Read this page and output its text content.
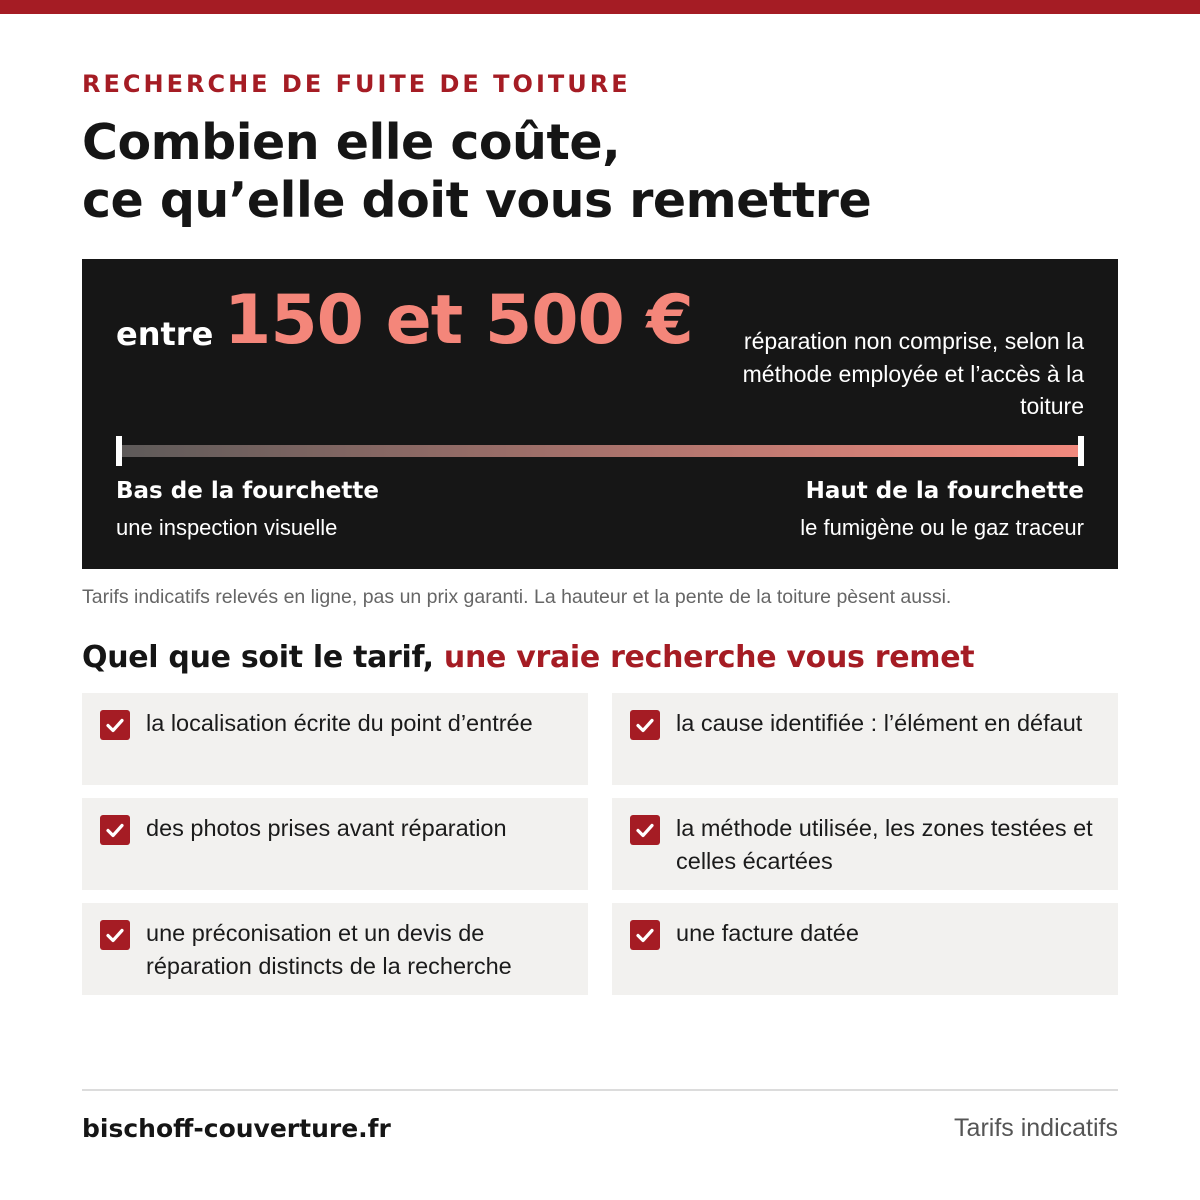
RECHERCHE DE FUITE DE TOITURE
Combien elle coûte,
ce qu’elle doit vous remettre
entre 150 et 500 €	réparation non comprise, selon la méthode employée et l’accès à la toiture
Bas de la fourchette
une inspection visuelle
Haut de la fourchette
le fumigène ou le gaz traceur
Tarifs indicatifs relevés en ligne, pas un prix garanti. La hauteur et la pente de la toiture pèsent aussi.
Quel que soit le tarif, une vraie recherche vous remet
la localisation écrite du point d’entrée	la cause identifiée : l’élément en défaut
des photos prises avant réparation	la méthode utilisée, les zones testées et celles écartées
une préconisation et un devis de réparation distincts de la recherche
une facture datée
bischoff-couverture.fr	Tarifs indicatifs
